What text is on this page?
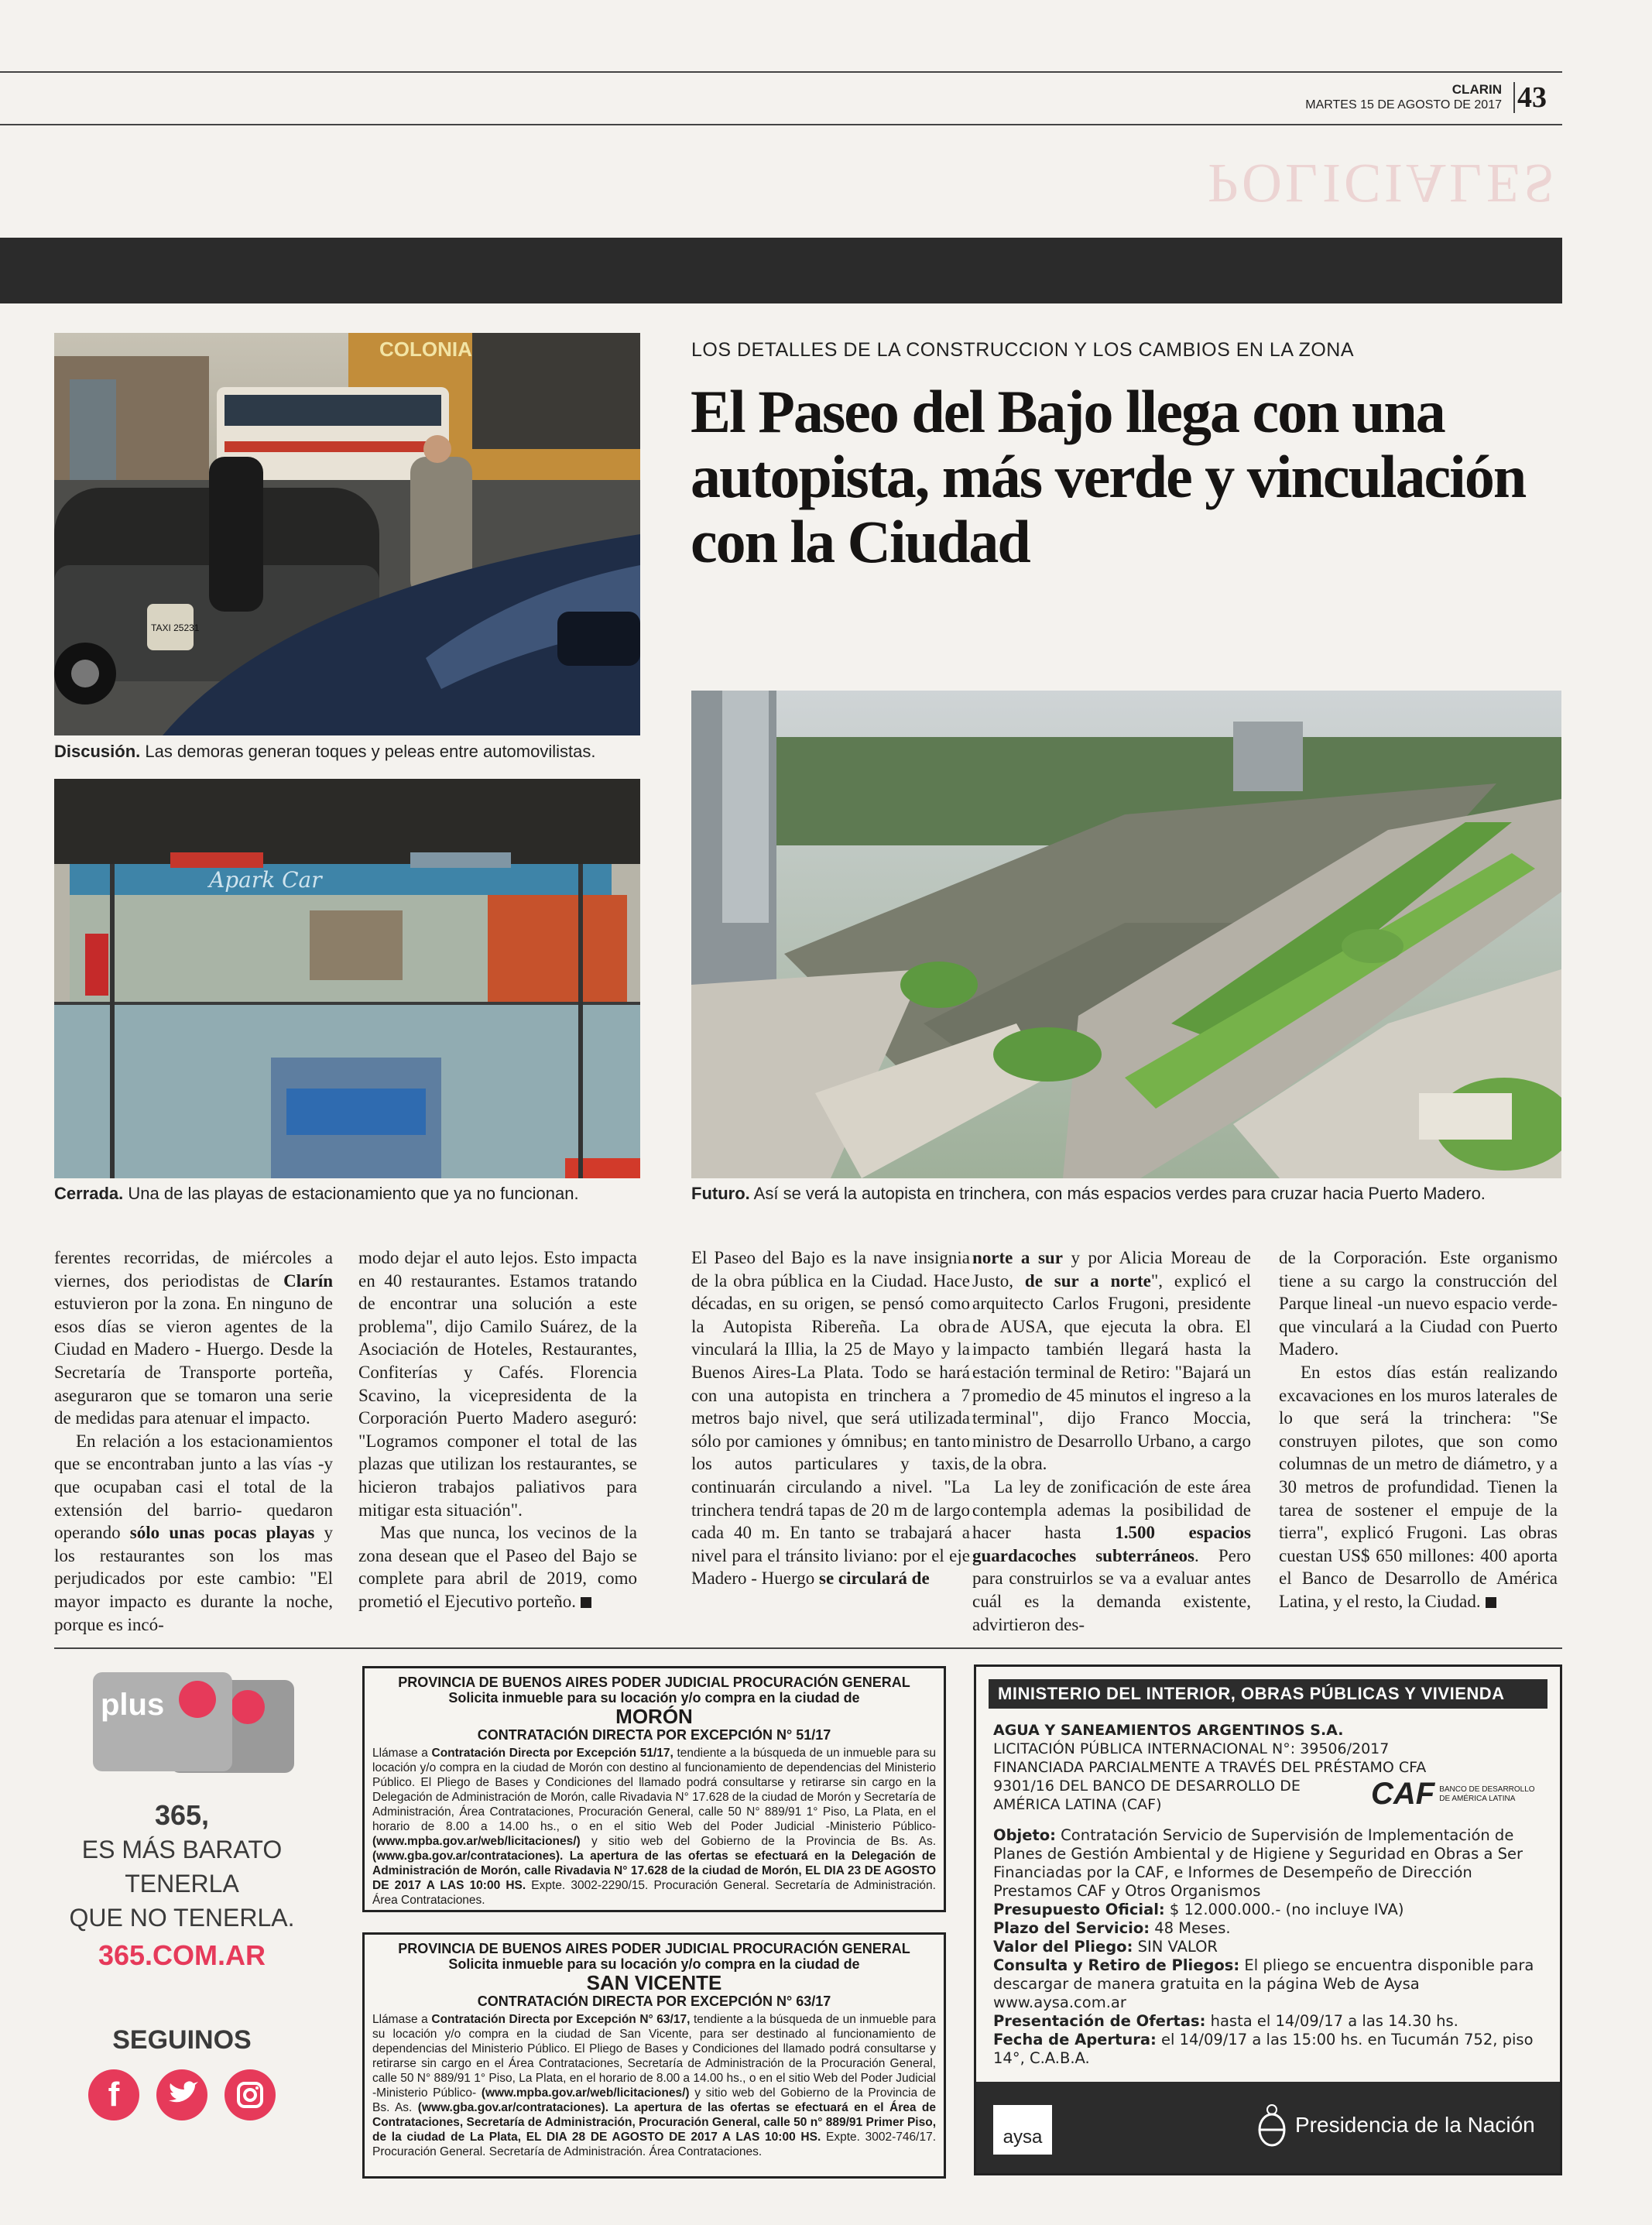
CLARIN
MARTES 15 DE AGOSTO DE 2017 43
POLICIALES
COLONIA
TAXI 25231
Discusión. Las demoras generan toques y peleas entre automovilistas.
Apark Car
Cerrada. Una de las playas de estacionamiento que ya no funcionan.
LOS DETALLES DE LA CONSTRUCCION Y LOS CAMBIOS EN LA ZONA
El Paseo del Bajo llega con una autopista, más verde y vinculación con la Ciudad
Futuro. Así se verá la autopista en trinchera, con más espacios verdes para cruzar hacia Puerto Madero.

ferentes recorridas, de miércoles a viernes, dos periodistas de Clarín estuvieron por la zona. En ninguno de esos días se vieron agentes de la Ciudad en Madero - Huergo. Desde la Secretaría de Transporte porteña, aseguraron que se tomaron una serie de medidas para atenuar el impacto.

En relación a los estacionamientos que se encontraban junto a las vías -y que ocupaban casi el total de la extensión del barrio- quedaron operando sólo unas pocas playas y los restaurantes son los mas perjudicados por este cambio: "El mayor impacto es durante la noche, porque es incó-

modo dejar el auto lejos. Esto impacta en 40 restaurantes. Estamos tratando de encontrar una solución a este problema", dijo Camilo Suárez, de la Asociación de Hoteles, Restaurantes, Confiterías y Cafés. Florencia Scavino, la vicepresidenta de la Corporación Puerto Madero aseguró: "Logramos componer el total de las plazas que utilizan los restaurantes, se hicieron trabajos paliativos para mitigar esta situación".

Mas que nunca, los vecinos de la zona desean que el Paseo del Bajo se complete para abril de 2019, como prometió el Ejecutivo porteño.

El Paseo del Bajo es la nave insignia de la obra pública en la Ciudad. Hace décadas, en su origen, se pensó como la Autopista Ribereña. La obra vinculará la Illia, la 25 de Mayo y la Buenos Aires-La Plata. Todo se hará con una autopista en trinchera a 7 metros bajo nivel, que será utilizada sólo por camiones y ómnibus; en tanto los autos particulares y taxis, continuarán circulando a nivel. "La trinchera tendrá tapas de 20 m de largo cada 40 m. En tanto se trabajará a nivel para el tránsito liviano: por el eje Madero - Huergo se circulará de

norte a sur y por Alicia Moreau de Justo, de sur a norte", explicó el arquitecto Carlos Frugoni, presidente de AUSA, que ejecuta la obra. El impacto también llegará hasta la estación terminal de Retiro: "Bajará un promedio de 45 minutos el ingreso a la terminal", dijo Franco Moccia, ministro de Desarrollo Urbano, a cargo de la obra.

La ley de zonificación de este área contempla ademas la posibilidad de hacer hasta 1.500 espacios guardacoches subterráneos. Pero para construirlos se va a evaluar antes cuál es la demanda existente, advirtieron des-

de la Corporación. Este organismo tiene a su cargo la construcción del Parque lineal -un nuevo espacio verde- que vinculará a la Ciudad con Puerto Madero.

En estos días están realizando excavaciones en los muros laterales de lo que será la trinchera: "Se construyen pilotes, que son como columnas de un metro de diámetro, y a 30 metros de profundidad. Tienen la tarea de sostener el empuje de la tierra", explicó Frugoni. Las obras cuestan US$ 650 millones: 400 aporta el Banco de Desarrollo de América Latina, y el resto, la Ciudad.

plus
365,
ES MÁS BARATO
TENERLA
QUE NO TENERLA.
365.COM.AR
SEGUINOS
f
PROVINCIA DE BUENOS AIRES PODER JUDICIAL PROCURACIÓN GENERAL
Solicita inmueble para su locación y/o compra en la ciudad de
MORÓN
CONTRATACIÓN DIRECTA POR EXCEPCIÓN N° 51/17
Llámase a Contratación Directa por Excepción 51/17, tendiente a la búsqueda de un inmueble para su locación y/o compra en la ciudad de Morón con destino al funcionamiento de dependencias del Ministerio Público. El Pliego de Bases y Condiciones del llamado podrá consultarse y retirarse sin cargo en la Delegación de Administración de Morón, calle Rivadavia N° 17.628 de la ciudad de Morón y Secretaría de Administración, Área Contrataciones, Procuración General, calle 50 N° 889/91 1° Piso, La Plata, en el horario de 8.00 a 14.00 hs., o en el sitio Web del Poder Judicial -Ministerio Público- (www.mpba.gov.ar/web/licitaciones/) y sitio web del Gobierno de la Provincia de Bs. As. (www.gba.gov.ar/contrataciones). La apertura de las ofertas se efectuará en la Delegación de Administración de Morón, calle Rivadavia N° 17.628 de la ciudad de Morón, EL DIA 23 DE AGOSTO DE 2017 A LAS 10:00 HS. Expte. 3002-2290/15. Procuración General. Secretaría de Administración. Área Contrataciones.
PROVINCIA DE BUENOS AIRES PODER JUDICIAL PROCURACIÓN GENERAL
Solicita inmueble para su locación y/o compra en la ciudad de
SAN VICENTE
CONTRATACIÓN DIRECTA POR EXCEPCIÓN N° 63/17
Llámase a Contratación Directa por Excepción N° 63/17, tendiente a la búsqueda de un inmueble para su locación y/o compra en la ciudad de San Vicente, para ser destinado al funcionamiento de dependencias del Ministerio Público. El Pliego de Bases y Condiciones del llamado podrá consultarse y retirarse sin cargo en el Área Contrataciones, Secretaría de Administración de la Procuración General, calle 50 N° 889/91 1° Piso, La Plata, en el horario de 8.00 a 14.00 hs., o en el sitio Web del Poder Judicial -Ministerio Público- (www.mpba.gov.ar/web/licitaciones/) y sitio web del Gobierno de la Provincia de Bs. As. (www.gba.gov.ar/contrataciones). La apertura de las ofertas se efectuará en el Área de Contrataciones, Secretaría de Administración, Procuración General, calle 50 n° 889/91 Primer Piso, de la ciudad de La Plata, EL DIA 28 DE AGOSTO DE 2017 A LAS 10:00 HS. Expte. 3002-746/17. Procuración General. Secretaría de Administración. Área Contrataciones.
MINISTERIO DEL INTERIOR, OBRAS PÚBLICAS Y VIVIENDA
AGUA Y SANEAMIENTOS ARGENTINOS S.A.
LICITACIÓN PÚBLICA INTERNACIONAL N°: 39506/2017
FINANCIADA PARCIALMENTE A TRAVÉS DEL PRÉSTAMO CFA
9301/16 DEL BANCO DE DESARROLLO DE
AMÉRICA LATINA (CAF)	CAF BANCO DE DESARROLLO
DE AMÉRICA LATINA
Objeto: Contratación Servicio de Supervisión de Implementación de Planes de Gestión Ambiental y de Higiene y Seguridad en Obras a Ser Financiadas por la CAF, e Informes de Desempeño de Dirección Prestamos CAF y Otros Organismos
Presupuesto Oficial: $ 12.000.000.- (no incluye IVA)
Plazo del Servicio: 48 Meses.
Valor del Pliego: SIN VALOR
Consulta y Retiro de Pliegos: El pliego se encuentra disponible para descargar de manera gratuita en la página Web de Aysa www.aysa.com.ar
Presentación de Ofertas: hasta el 14/09/17 a las 14.30 hs.
Fecha de Apertura: el 14/09/17 a las 15:00 hs. en Tucumán 752, piso 14°, C.A.B.A.
aysa
Presidencia de la Nación
